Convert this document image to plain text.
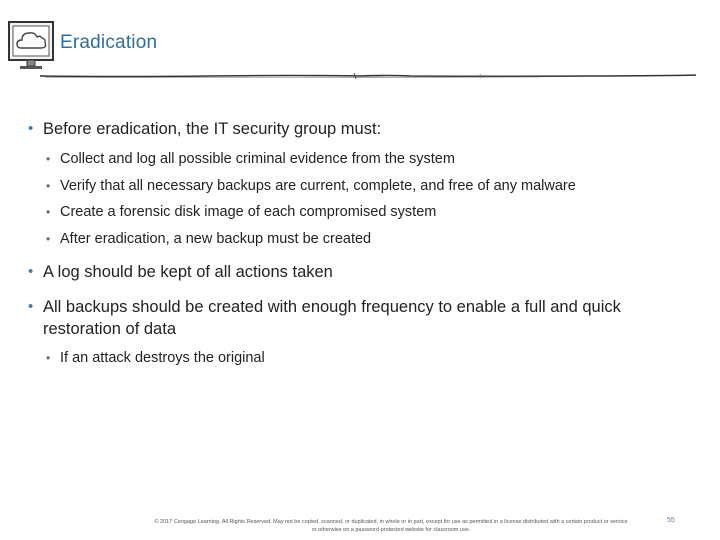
Eradication
• Before eradication, the IT security group must:
• Collect and log all possible criminal evidence from the system
• Verify that all necessary backups are current, complete, and free of any malware
• Create a forensic disk image of each compromised system
• After eradication, a new backup must be created
• A log should be kept of all actions taken
• All backups should be created with enough frequency to enable a full and quick restoration of data
• If an attack destroys the original
© 2017 Cengage Learning. All Rights Reserved. May not be copied, scanned, or duplicated, in whole or in part, except for use as permitted in a license distributed with a certain product or service
or otherwise on a password-protected website for classroom use.
55
